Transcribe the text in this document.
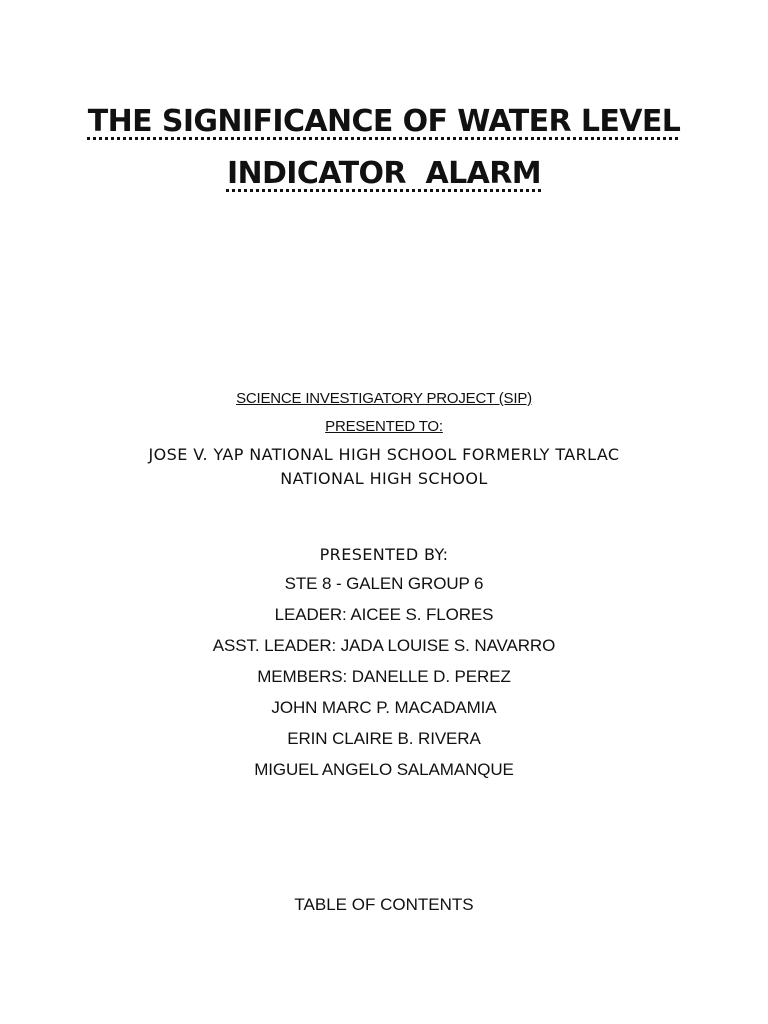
THE SIGNIFICANCE OF WATER LEVEL
INDICATOR  ALARM
SCIENCE INVESTIGATORY PROJECT (SIP)
PRESENTED TO:
JOSE V. YAP NATIONAL HIGH SCHOOL FORMERLY TARLAC
NATIONAL HIGH SCHOOL
PRESENTED BY:
STE 8 - GALEN GROUP 6
LEADER: AICEE S. FLORES
ASST. LEADER: JADA LOUISE S. NAVARRO
MEMBERS: DANELLE D. PEREZ
JOHN MARC P. MACADAMIA
ERIN CLAIRE B. RIVERA
MIGUEL ANGELO SALAMANQUE
TABLE OF CONTENTS
